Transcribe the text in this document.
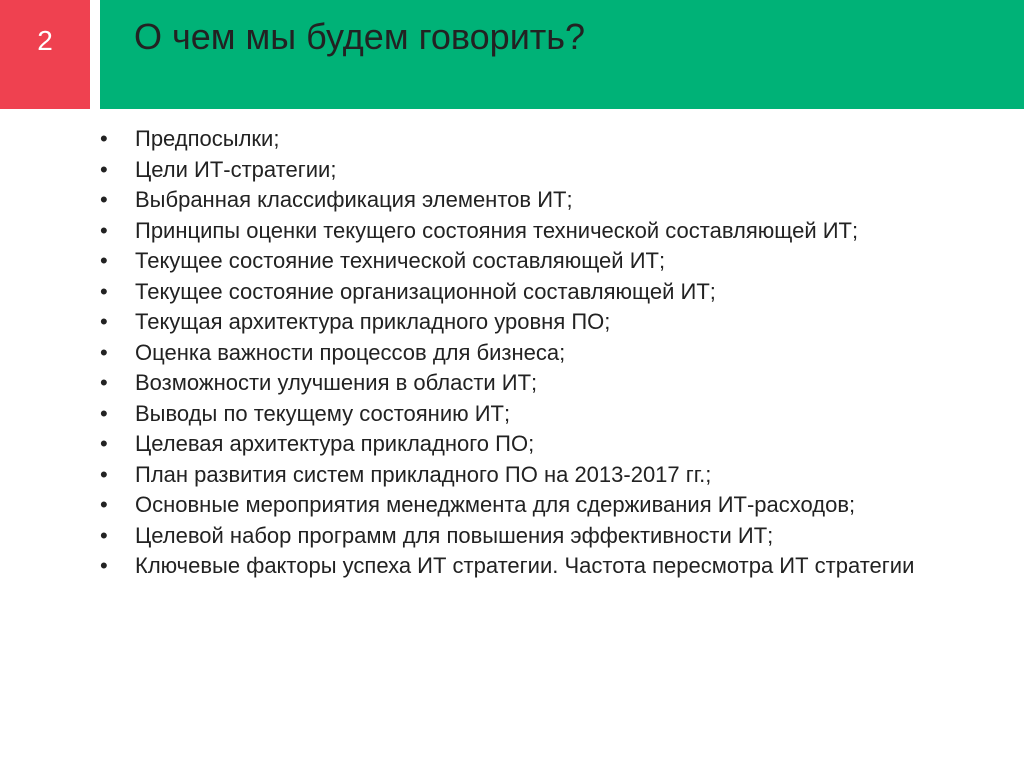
2	О чем мы будем говорить?
• Предпосылки;
• Цели ИТ-стратегии;
• Выбранная классификация элементов ИТ;
• Принципы оценки текущего состояния технической составляющей ИТ;
• Текущее состояние технической составляющей ИТ;
• Текущее состояние организационной составляющей ИТ;
• Текущая архитектура прикладного уровня ПО;
• Оценка важности процессов для бизнеса;
• Возможности улучшения в области ИТ;
• Выводы по текущему состоянию ИТ;
• Целевая архитектура прикладного ПО;
• План развития систем прикладного ПО на 2013-2017 гг.;
• Основные мероприятия менеджмента для сдерживания ИТ-расходов;
• Целевой набор программ для повышения эффективности ИТ;
• Ключевые факторы успеха ИТ стратегии. Частота пересмотра ИТ стратегии
